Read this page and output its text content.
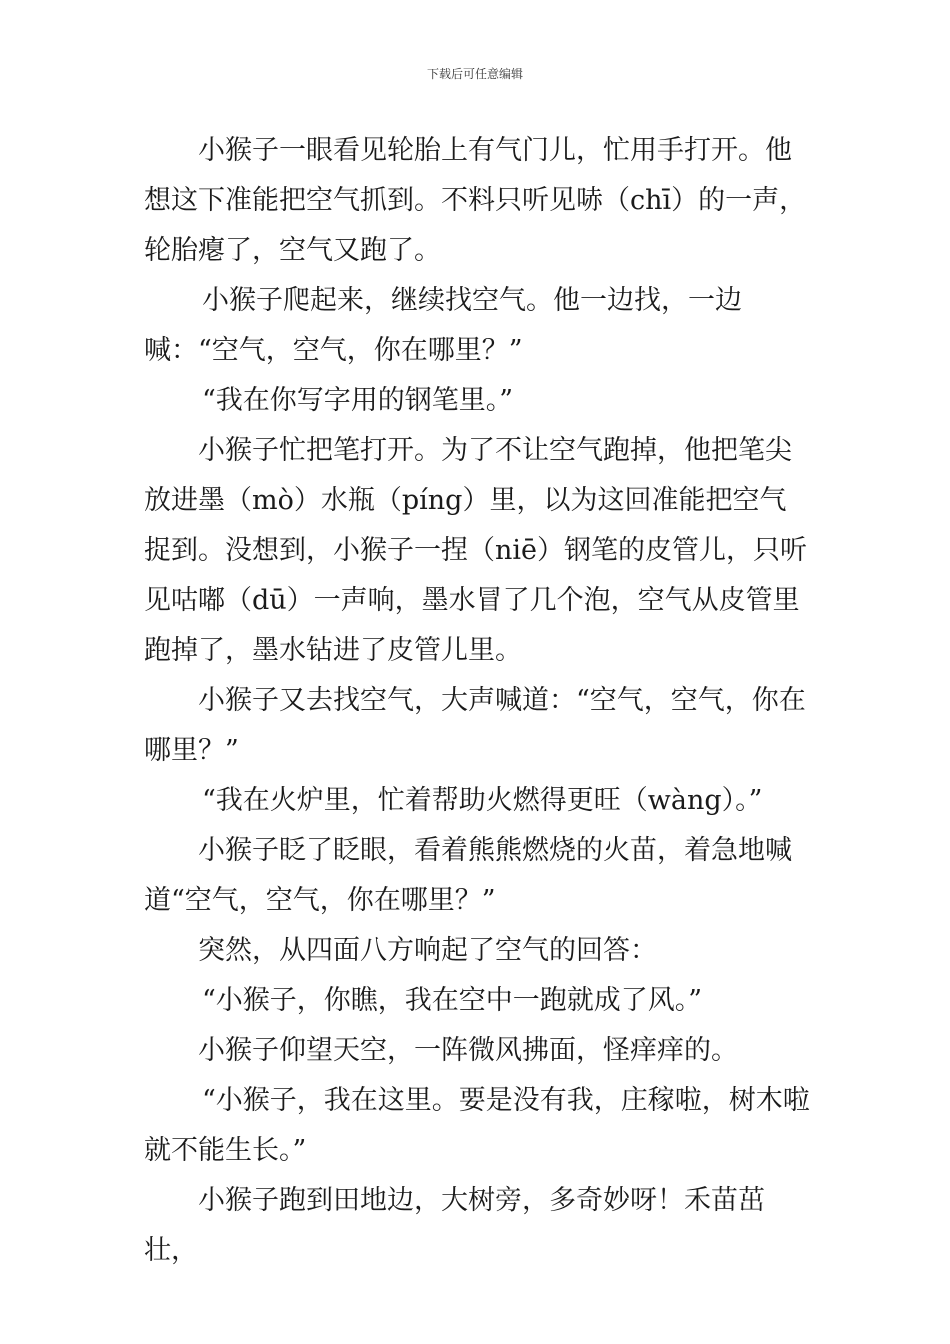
下载后可任意编辑

小猴子一眼看见轮胎上有气门儿，忙用手打开。他想这下准能把空气抓到。不料只听见哧（chī）的一声，轮胎瘪了，空气又跑了。

小猴子爬起来，继续找空气。他一边找，一边喊：“空气，空气，你在哪里？”

“我在你写字用的钢笔里。”

小猴子忙把笔打开。为了不让空气跑掉，他把笔尖放进墨（mò）水瓶（píng）里，以为这回准能把空气捉到。没想到，小猴子一捏（niē）钢笔的皮管儿，只听见咕嘟（dū）一声响，墨水冒了几个泡，空气从皮管里跑掉了，墨水钻进了皮管儿里。

小猴子又去找空气，大声喊道：“空气，空气，你在哪里？”

“我在火炉里，忙着帮助火燃得更旺（wàng）。”

小猴子眨了眨眼，看着熊熊燃烧的火苗，着急地喊道“空气，空气，你在哪里？”

突然，从四面八方响起了空气的回答：

“小猴子，你瞧，我在空中一跑就成了风。”

小猴子仰望天空，一阵微风拂面，怪痒痒的。

“小猴子，我在这里。要是没有我，庄稼啦，树木啦就不能生长。”

小猴子跑到田地边，大树旁，多奇妙呀！禾苗茁壮，
